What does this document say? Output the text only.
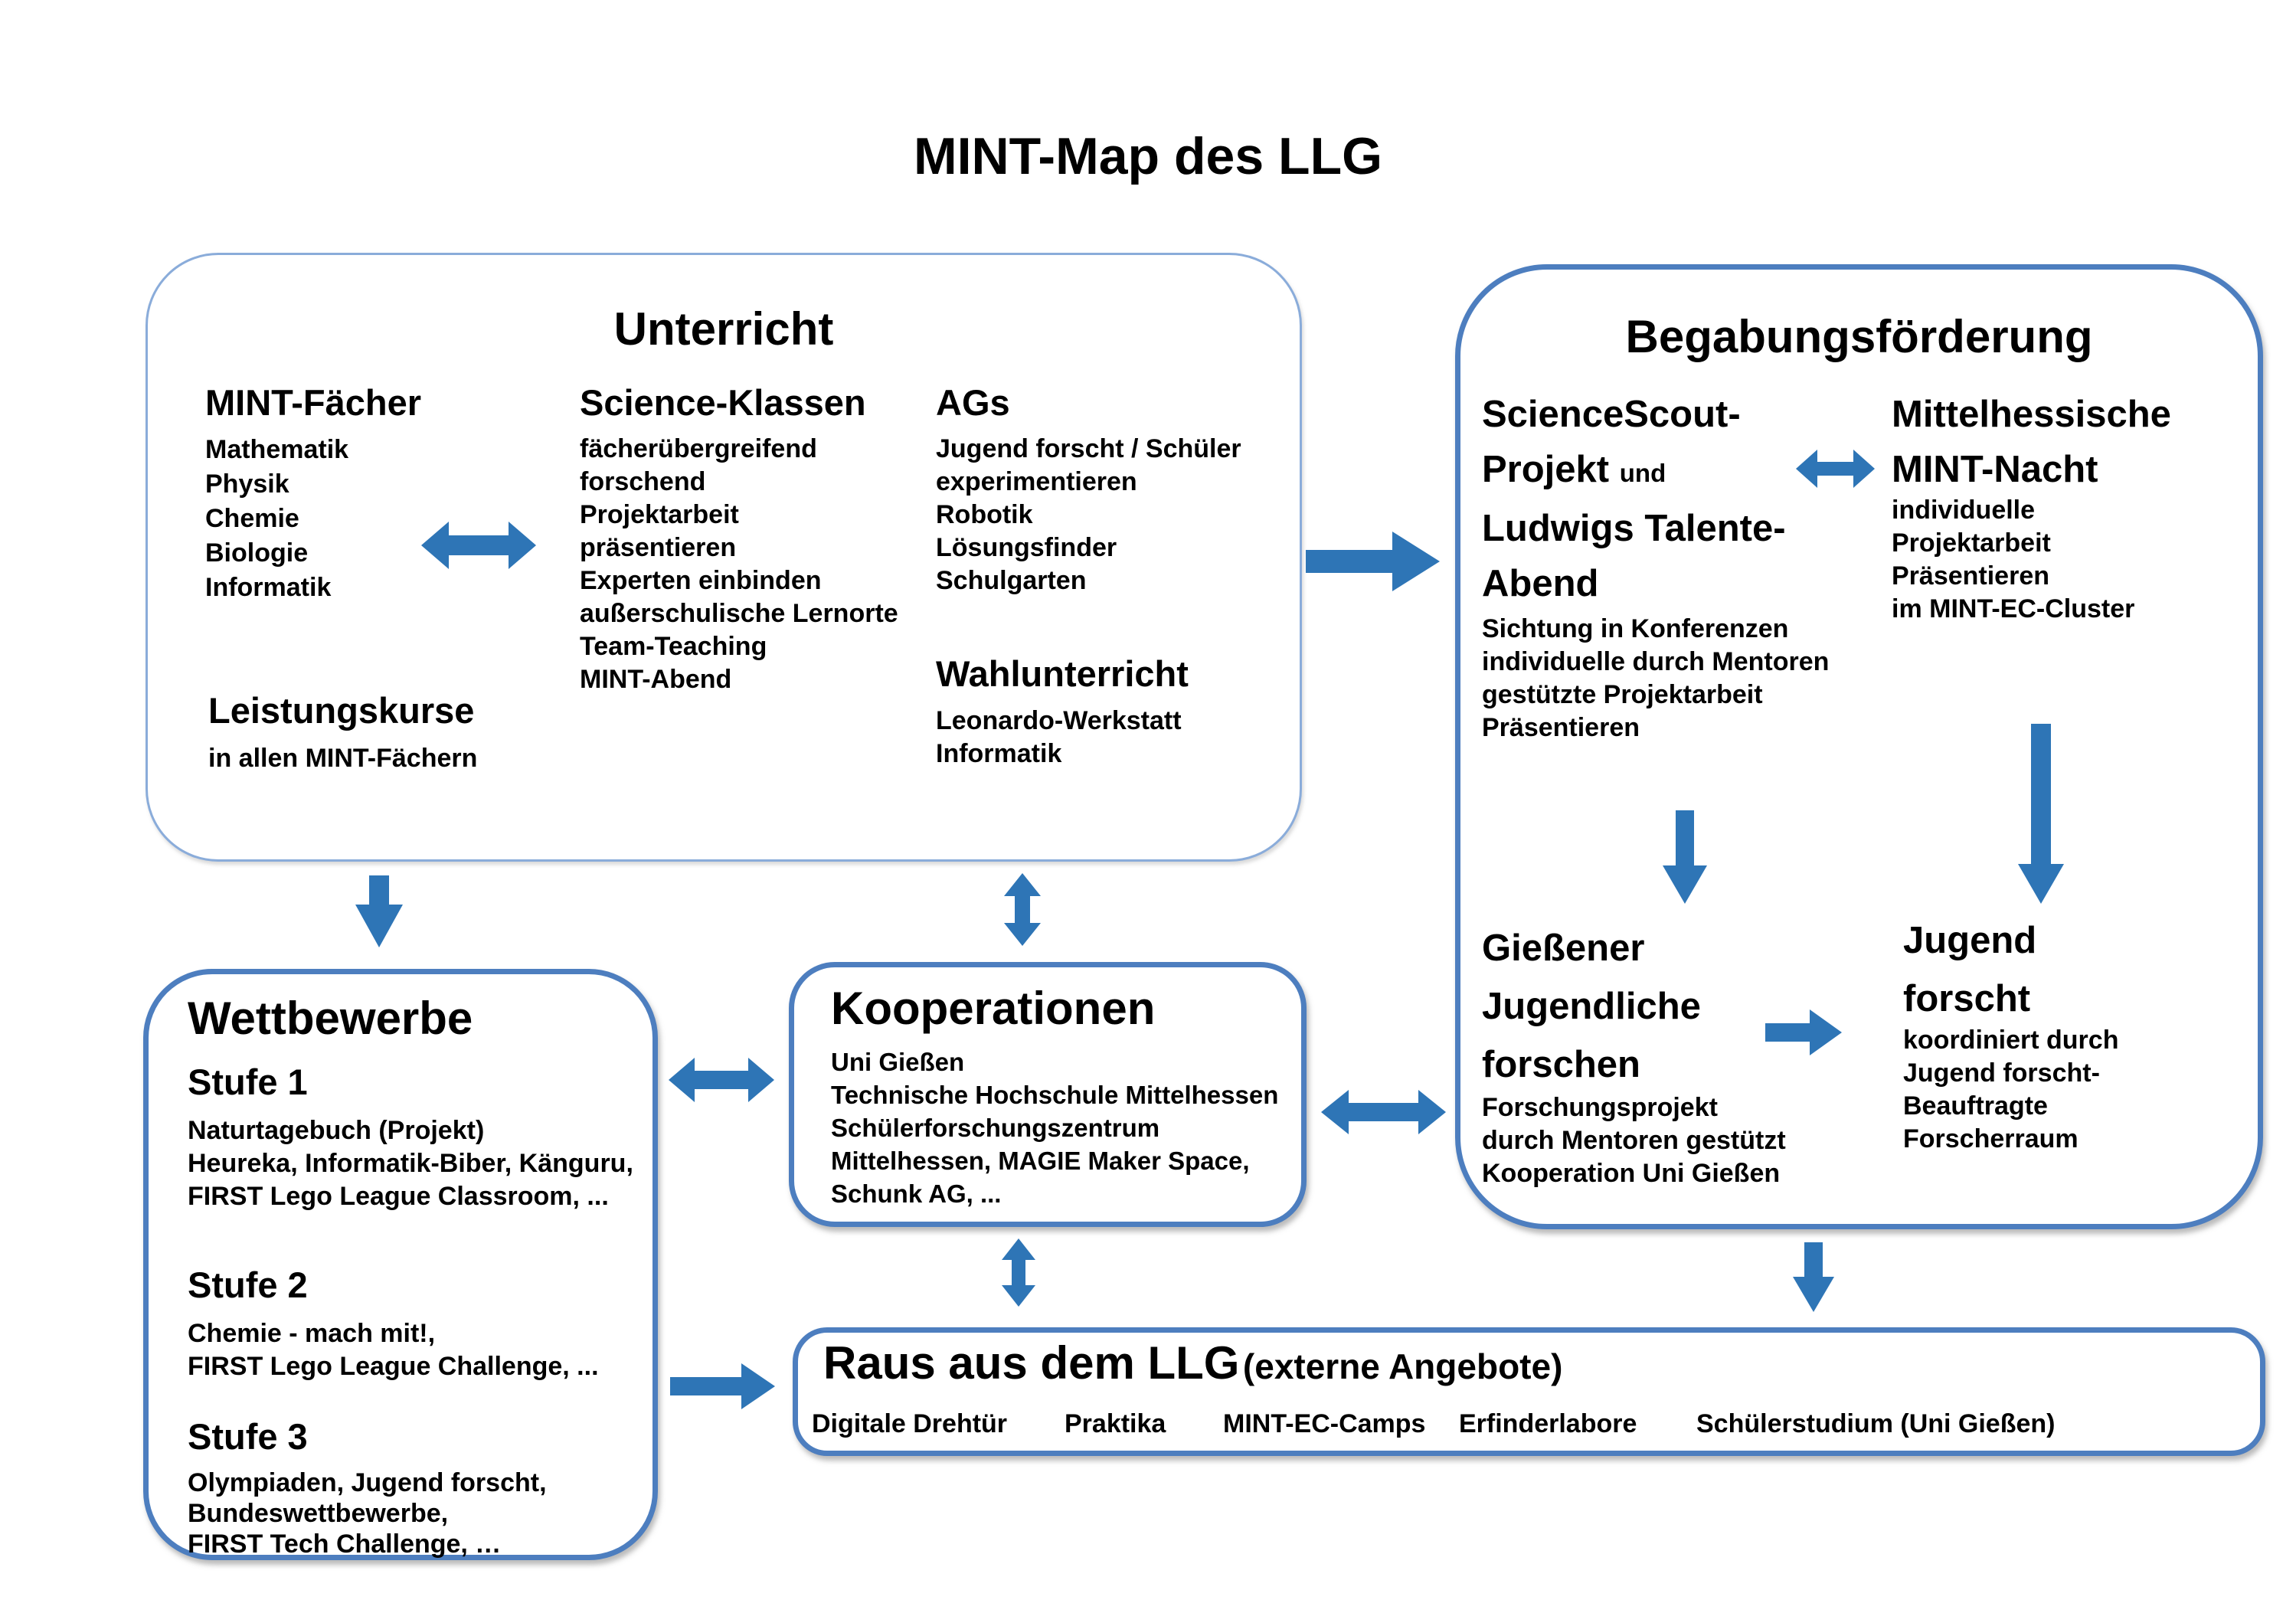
MINT-Map des LLG
Unterricht
MINT-Fächer
Mathematik
Physik
Chemie
Biologie
Informatik
Leistungskurse
in allen MINT-Fächern
Science-Klassen
fächerübergreifend
forschend
Projektarbeit
präsentieren
Experten einbinden
außerschulische Lernorte
Team-Teaching
MINT-Abend
AGs
Jugend forscht / Schüler
experimentieren
Robotik
Lösungsfinder
Schulgarten
Wahlunterricht
Leonardo-Werkstatt
Informatik
Begabungsförderung
ScienceScout-
Projekt und
Ludwigs Talente-
Abend
Sichtung in Konferenzen
individuelle durch Mentoren
gestützte Projektarbeit
Präsentieren
Mittelhessische
MINT-Nacht
individuelle
Projektarbeit
Präsentieren
im MINT-EC-Cluster
Gießener
Jugendliche
forschen
Forschungsprojekt
durch Mentoren gestützt
Kooperation Uni Gießen
Jugend
forscht
koordiniert durch
Jugend forscht-
Beauftragte
Forscherraum
Wettbewerbe
Stufe 1
Naturtagebuch (Projekt)
Heureka, Informatik-Biber, Känguru,
FIRST Lego League Classroom, ...
Stufe 2
Chemie - mach mit!,
FIRST Lego League Challenge, ...
Stufe 3
Olympiaden, Jugend forscht,
Bundeswettbewerbe,
FIRST Tech Challenge, …
Kooperationen
Uni Gießen
Technische Hochschule Mittelhessen
Schülerforschungszentrum
Mittelhessen, MAGIE Maker Space,
Schunk AG, ...
Raus aus dem LLG (externe Angebote)
Digitale Drehtür Praktika MINT-EC-Camps Erfinderlabore Schülerstudium (Uni Gießen)
